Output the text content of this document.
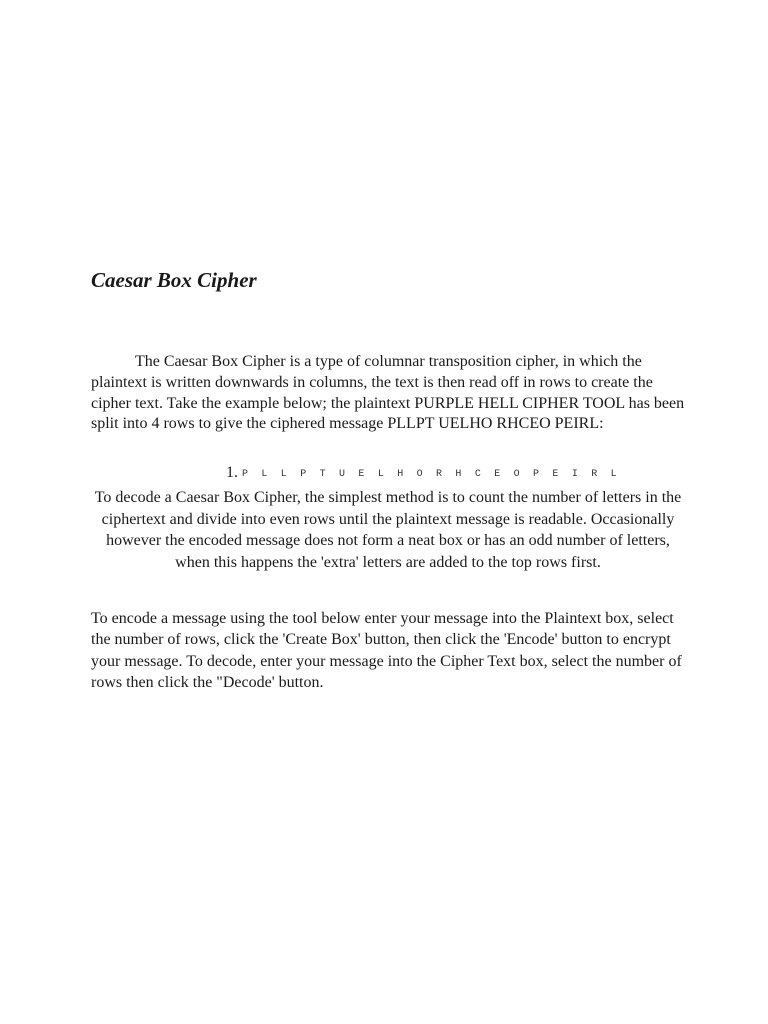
Caesar Box Cipher

The Caesar Box Cipher is a type of columnar transposition cipher, in which the plaintext is written downwards in columns, the text is then read off in rows to create the cipher text. Take the example below; the plaintext PURPLE HELL CIPHER TOOL has been split into 4 rows to give the ciphered message PLLPT UELHO RHCEO PEIRL:

1. P L L P T U E L H O R H C E O P E I R L

To decode a Caesar Box Cipher, the simplest method is to count the number of letters in the ciphertext and divide into even rows until the plaintext message is readable. Occasionally however the encoded message does not form a neat box or has an odd number of letters, when this happens the 'extra' letters are added to the top rows first.

To encode a message using the tool below enter your message into the Plaintext box, select the number of rows, click the 'Create Box' button, then click the 'Encode' button to encrypt your message. To decode, enter your message into the Cipher Text box, select the number of rows then click the "Decode' button.
